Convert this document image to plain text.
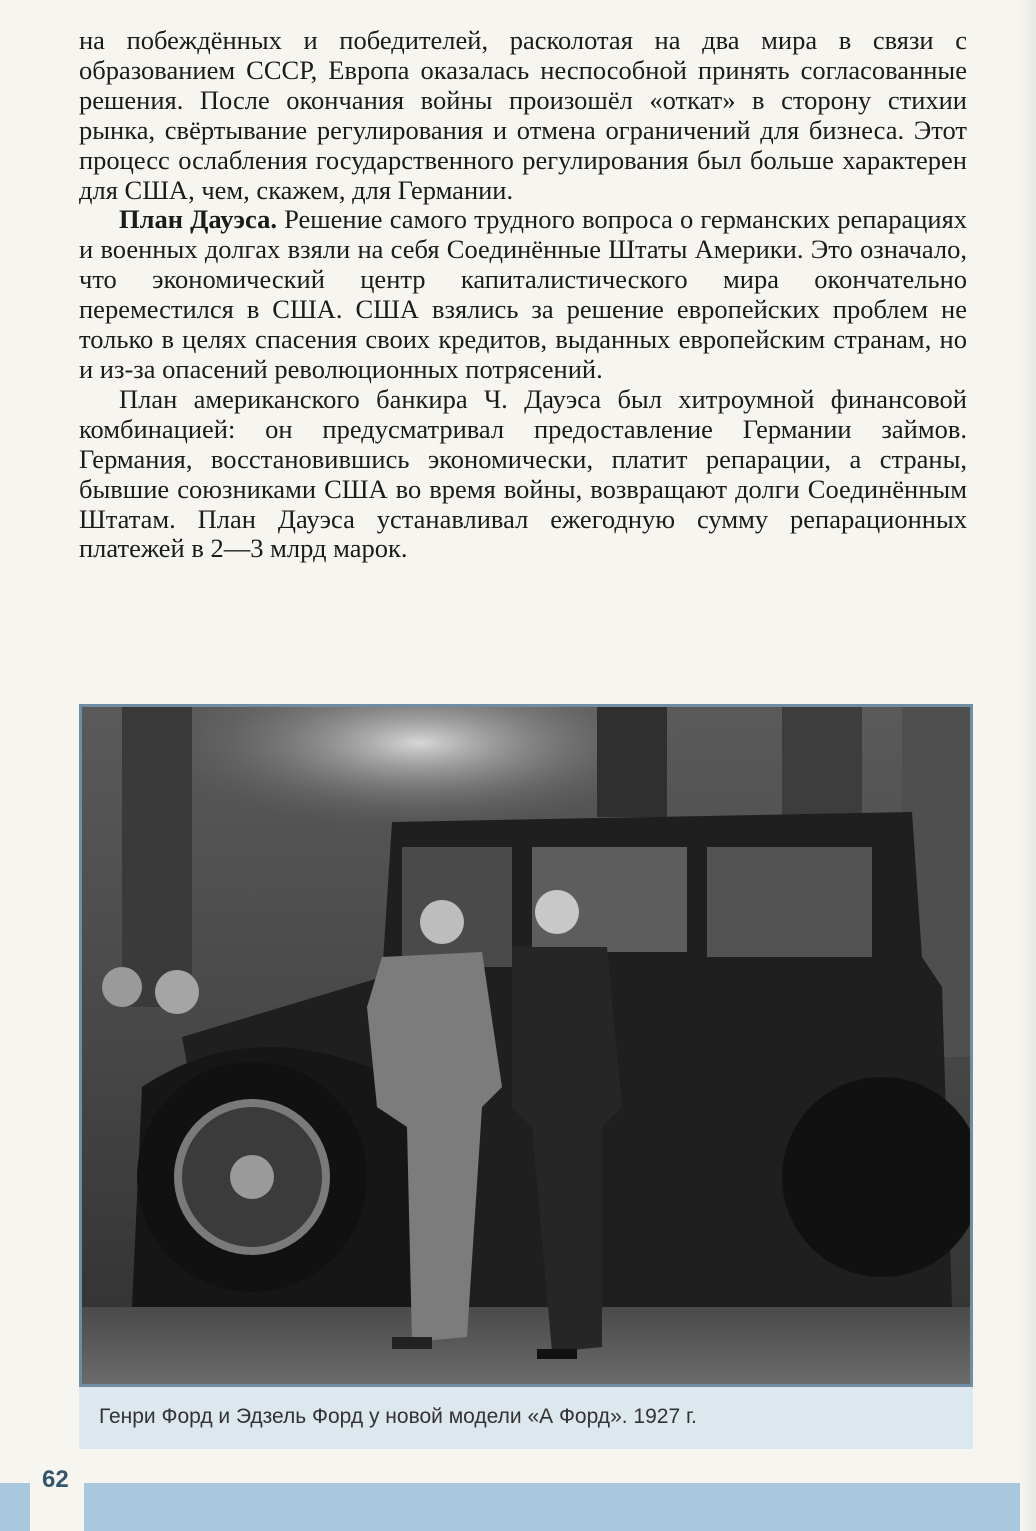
на побеждённых и победителей, расколотая на два мира в связи с образованием СССР, Европа оказалась неспособной принять согласованные решения. После окончания войны произошёл «откат» в сторону стихии рынка, свёртывание регулирования и отмена ограничений для бизнеса. Этот процесс ослабления государственного регулирования был больше характерен для США, чем, скажем, для Германии.

План Дауэса. Решение самого трудного вопроса о германских репарациях и военных долгах взяли на себя Соединённые Штаты Америки. Это означало, что экономический центр капиталистического мира окончательно переместился в США. США взялись за решение европейских проблем не только в целях спасения своих кредитов, выданных европейским странам, но и из-за опасений революционных потрясений.

План американского банкира Ч. Дауэса был хитроумной финансовой комбинацией: он предусматривал предоставление Германии займов. Германия, восстановившись экономически, платит репарации, а страны, бывшие союзниками США во время войны, возвращают долги Соединённым Штатам. План Дауэса устанавливал ежегодную сумму репарационных платежей в 2—3 млрд марок.

Генри Форд и Эдзель Форд у новой модели «А Форд». 1927 г.
62
